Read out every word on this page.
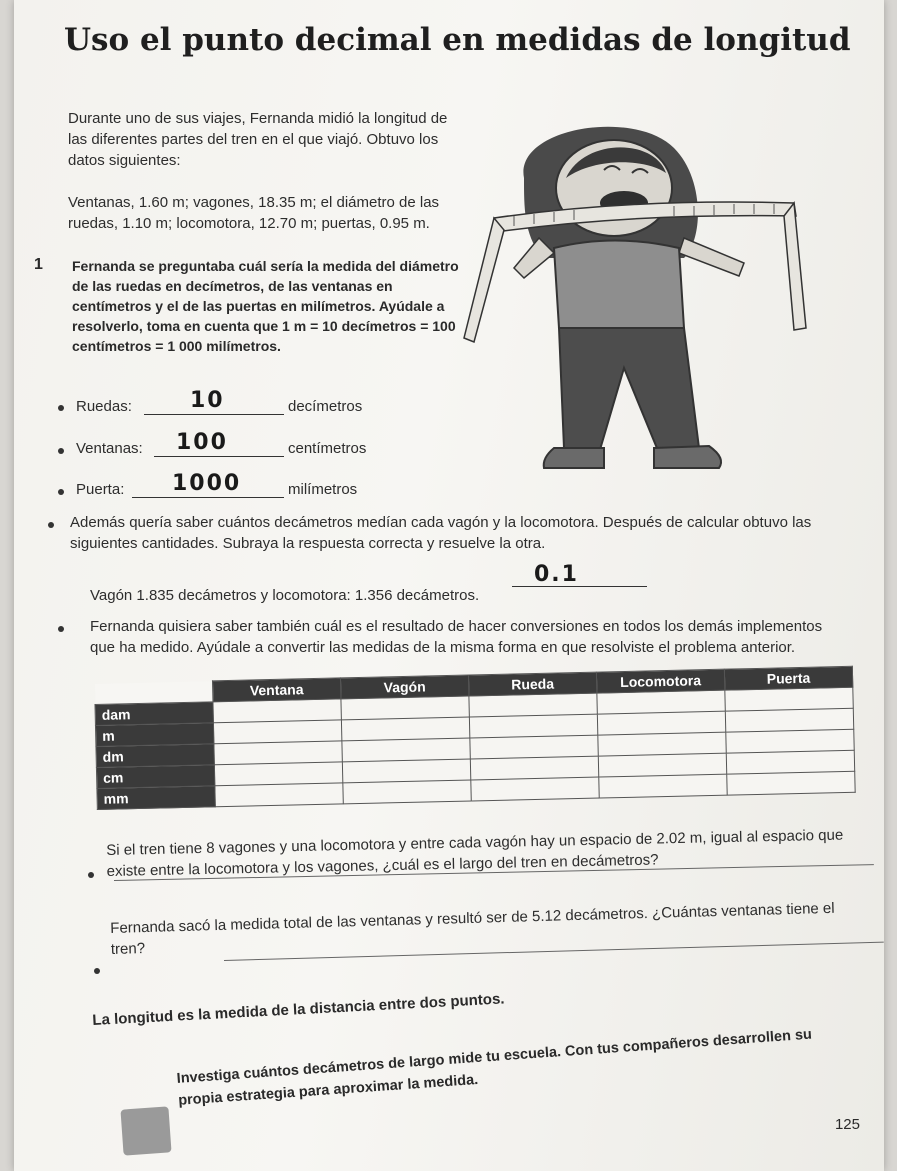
Uso el punto decimal en medidas de longitud
Durante uno de sus viajes, Fernanda midió la longitud de las diferentes partes del tren en el que viajó. Obtuvo los datos siguientes:
Ventanas, 1.60 m; vagones, 18.35 m; el diámetro de las ruedas, 1.10 m; locomotora, 12.70 m; puertas, 0.95 m.
1 Fernanda se preguntaba cuál sería la medida del diámetro de las ruedas en decímetros, de las ventanas en centímetros y el de las puertas en milímetros. Ayúdale a resolverlo, toma en cuenta que 1 m = 10 decímetros = 100 centímetros = 1 000 milímetros.
Ruedas:	10	decímetros
Ventanas: 100	centímetros
Puerta: 1000	milímetros
Además quería saber cuántos decámetros medían cada vagón y la locomotora. Después de calcular obtuvo las siguientes cantidades. Subraya la respuesta correcta y resuelve la otra.
Vagón 1.835 decámetros y locomotora: 1.356 decámetros.
0.1
Fernanda quisiera saber también cuál es el resultado de hacer conversiones en todos los demás implementos que ha medido. Ayúdale a convertir las medidas de la misma forma en que resolviste el problema anterior.
	Ventana	Vagón	Rueda	Locomotora	Puerta
dam					
m					
dm					
cm					
mm					
Si el tren tiene 8 vagones y una locomotora y entre cada vagón hay un espacio de 2.02 m, igual al espacio que existe entre la locomotora y los vagones, ¿cuál es el largo del tren en decámetros?
Fernanda sacó la medida total de las ventanas y resultó ser de 5.12 decámetros. ¿Cuántas ventanas tiene el tren?
La longitud es la medida de la distancia entre dos puntos.
Investiga cuántos decámetros de largo mide tu escuela. Con tus compañeros desarrollen su propia estrategia para aproximar la medida.
125
